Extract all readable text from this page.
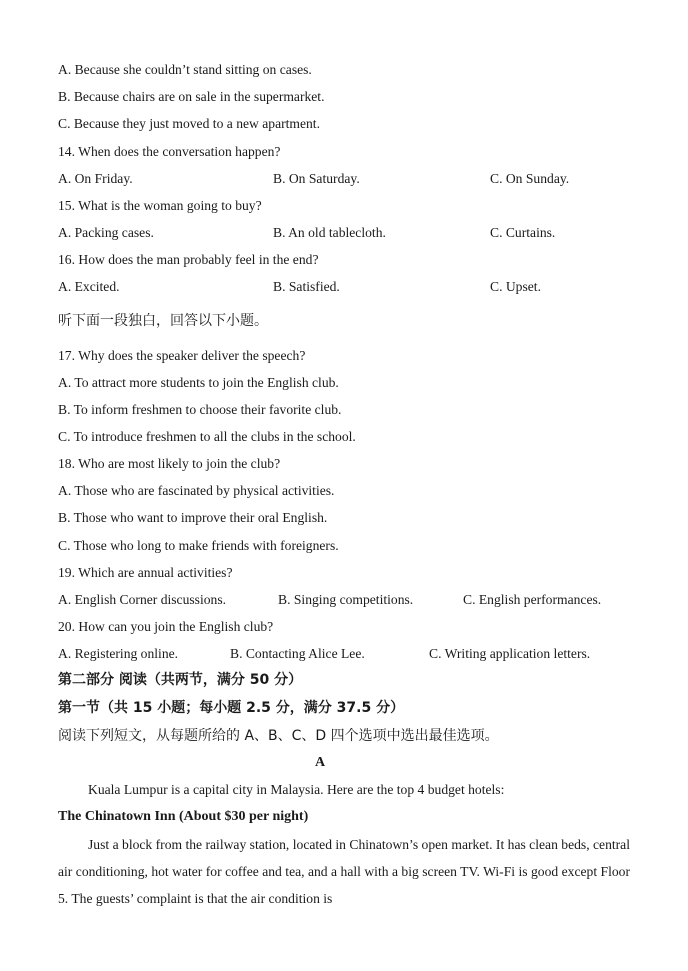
A. Because she couldn’t stand sitting on cases.
B. Because chairs are on sale in the supermarket.
C. Because they just moved to a new apartment.
14. When does the conversation happen?
A. On Friday.	B. On Saturday.	C. On Sunday.
15. What is the woman going to buy?
A. Packing cases.	B. An old tablecloth.	C. Curtains.
16. How does the man probably feel in the end?
A. Excited.	B. Satisfied.	C. Upset.
听下面一段独白，回答以下小题。
17. Why does the speaker deliver the speech?
A. To attract more students to join the English club.
B. To inform freshmen to choose their favorite club.
C. To introduce freshmen to all the clubs in the school.
18. Who are most likely to join the club?
A. Those who are fascinated by physical activities.
B. Those who want to improve their oral English.
C. Those who long to make friends with foreigners.
19. Which are annual activities?
A. English Corner discussions.	B. Singing competitions.	C. English performances.
20. How can you join the English club?
A. Registering online.	B. Contacting Alice Lee.	C. Writing application letters.
第二部分 阅读（共两节，满分 50 分）
第一节（共 15 小题；每小题 2.5 分，满分 37.5 分）
阅读下列短文，从每题所给的 A、B、C、D 四个选项中选出最佳选项。
A
Kuala Lumpur is a capital city in Malaysia. Here are the top 4 budget hotels:
The Chinatown Inn (About $30 per night)
Just a block from the railway station, located in Chinatown’s open market. It has clean beds, central air conditioning, hot water for coffee and tea, and a hall with a big screen TV. Wi-Fi is good except Floor 5. The guests’ complaint is that the air condition is
